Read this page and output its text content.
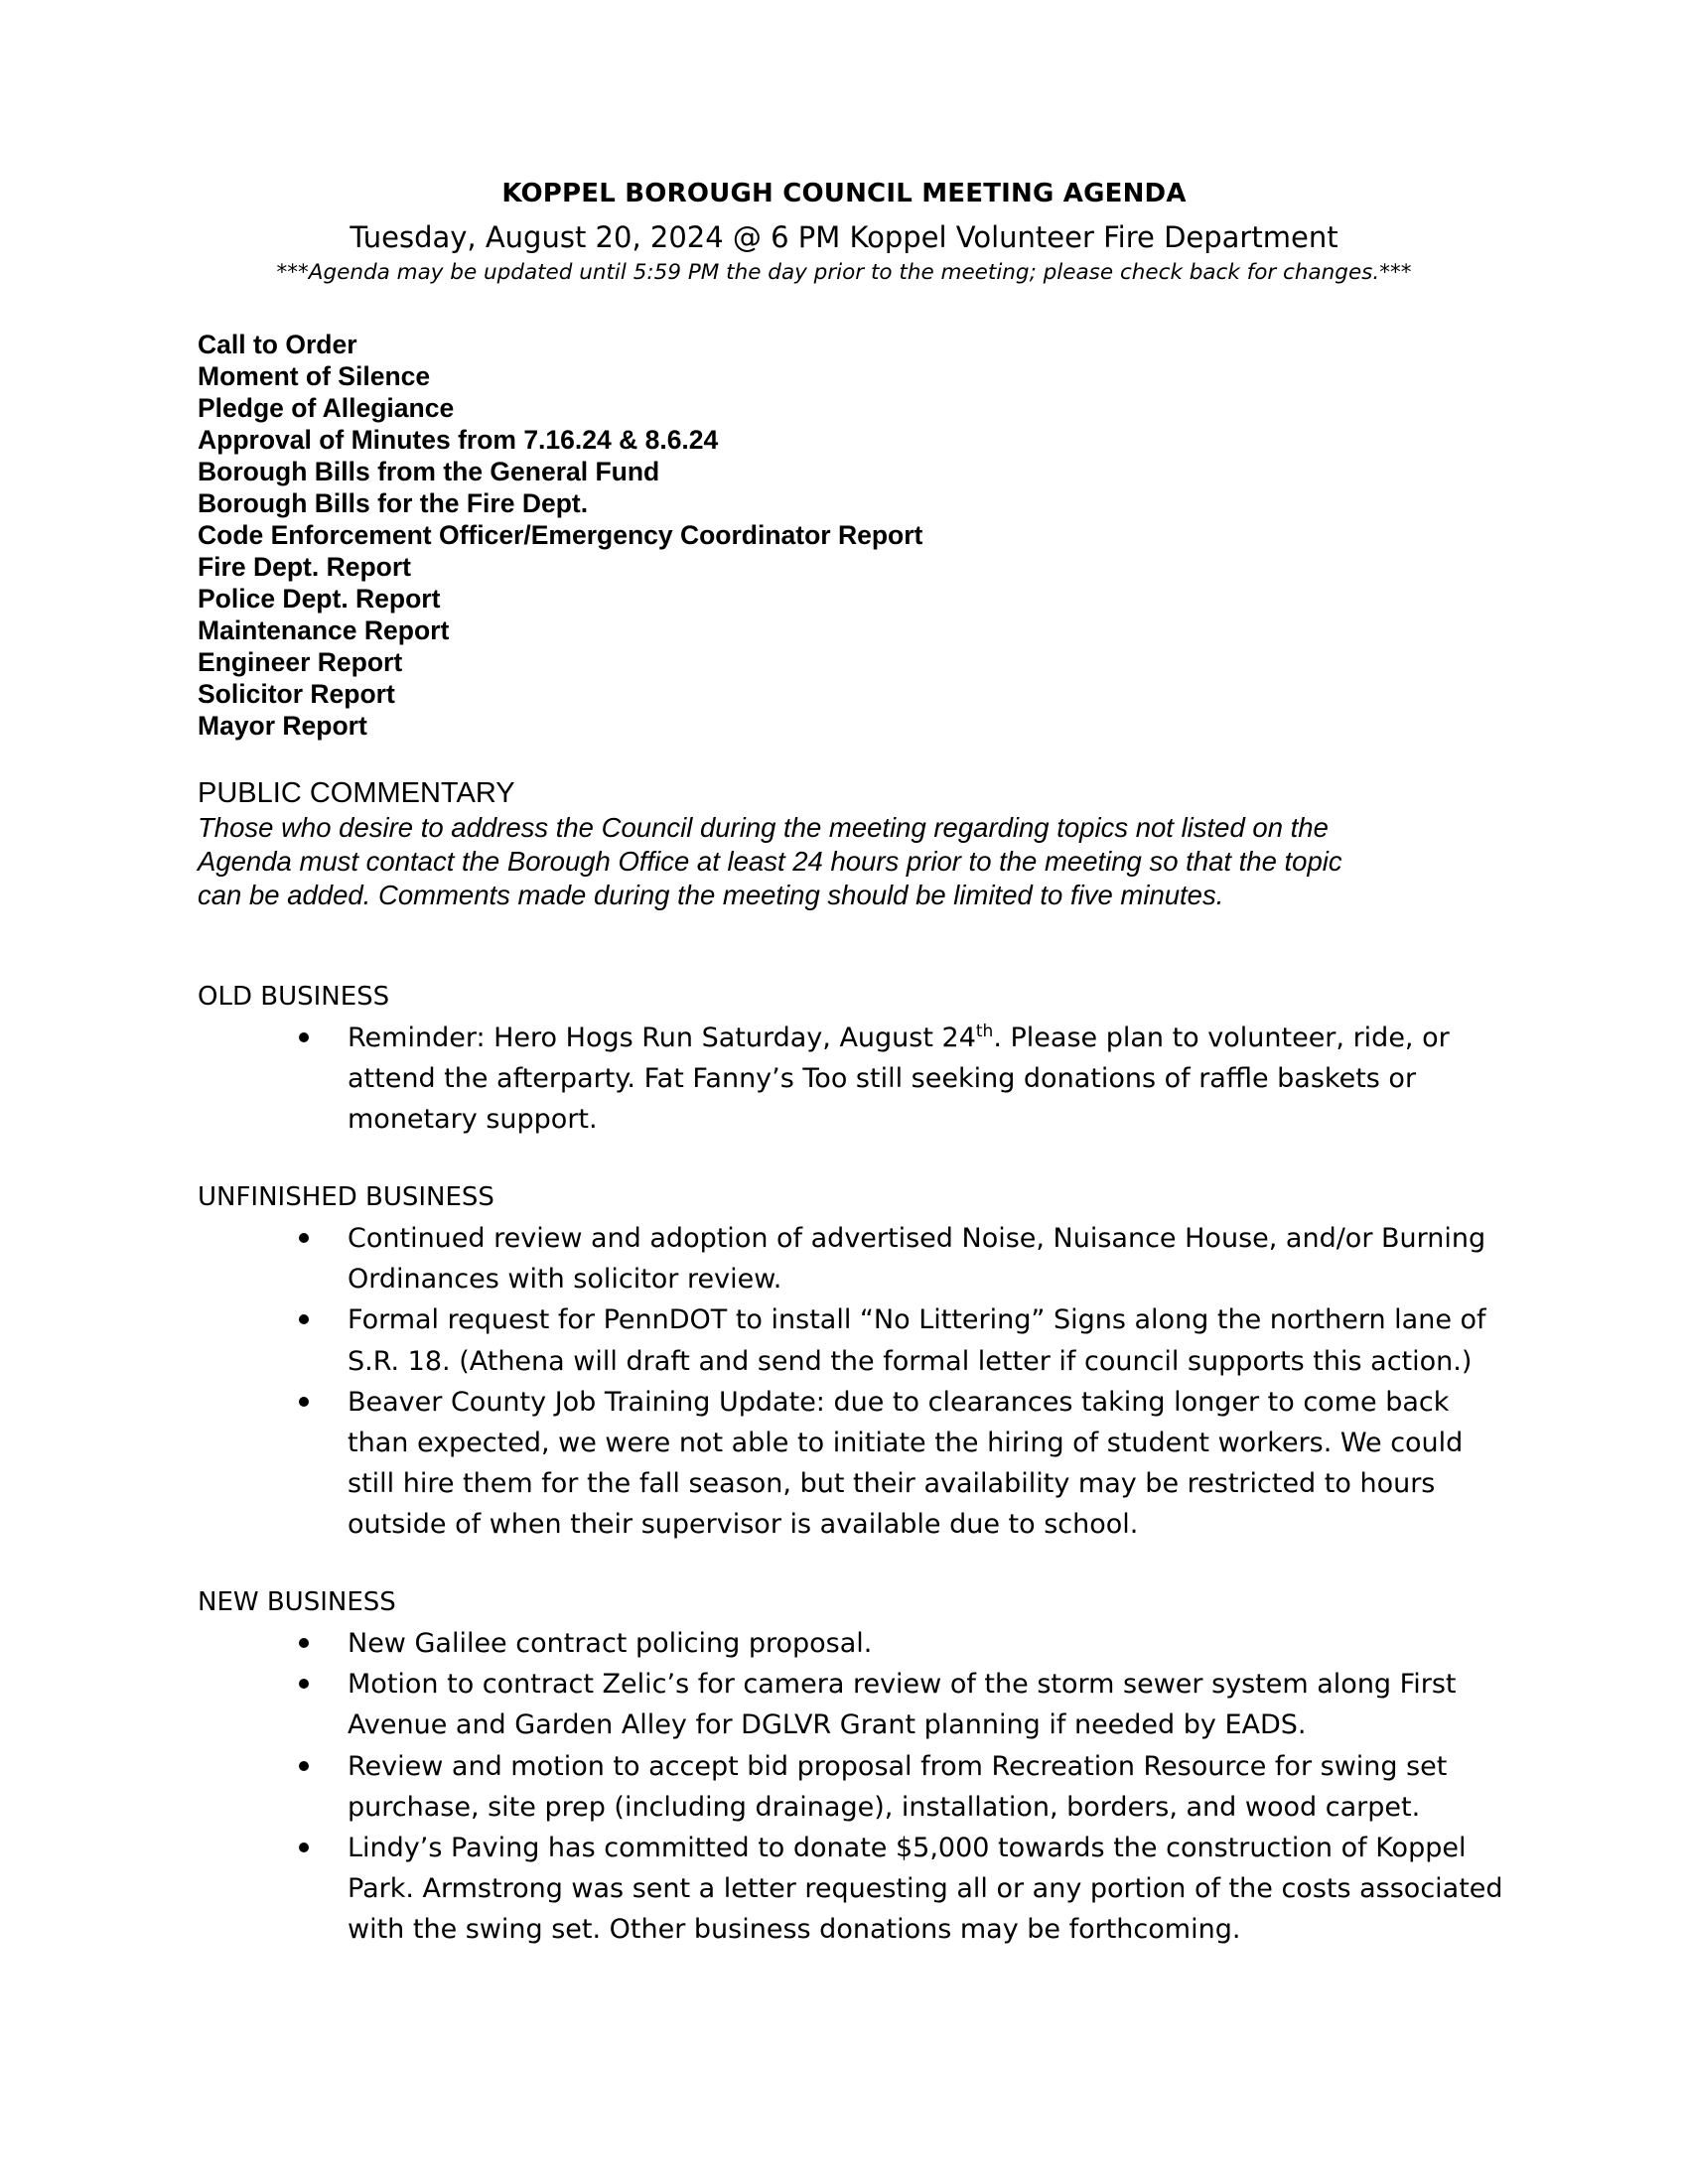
KOPPEL BOROUGH COUNCIL MEETING AGENDA
Tuesday, August 20, 2024 @ 6 PM Koppel Volunteer Fire Department
***Agenda may be updated until 5:59 PM the day prior to the meeting; please check back for changes.***
Call to Order
Moment of Silence
Pledge of Allegiance
Approval of Minutes from 7.16.24 & 8.6.24
Borough Bills from the General Fund
Borough Bills for the Fire Dept.
Code Enforcement Officer/Emergency Coordinator Report
Fire Dept. Report
Police Dept. Report
Maintenance Report
Engineer Report
Solicitor Report
Mayor Report
PUBLIC COMMENTARY
Those who desire to address the Council during the meeting regarding topics not listed on the
Agenda must contact the Borough Office at least 24 hours prior to the meeting so that the topic
can be added. Comments made during the meeting should be limited to five minutes.
OLD BUSINESS
Reminder: Hero Hogs Run Saturday, August 24th. Please plan to volunteer, ride, or attend the afterparty. Fat Fanny’s Too still seeking donations of raffle baskets or monetary support.
UNFINISHED BUSINESS
Continued review and adoption of advertised Noise, Nuisance House, and/or Burning Ordinances with solicitor review.
Formal request for PennDOT to install “No Littering” Signs along the northern lane of S.R. 18. (Athena will draft and send the formal letter if council supports this action.)
Beaver County Job Training Update: due to clearances taking longer to come back than expected, we were not able to initiate the hiring of student workers. We could still hire them for the fall season, but their availability may be restricted to hours outside of when their supervisor is available due to school.
NEW BUSINESS
New Galilee contract policing proposal.
Motion to contract Zelic’s for camera review of the storm sewer system along First Avenue and Garden Alley for DGLVR Grant planning if needed by EADS.
Review and motion to accept bid proposal from Recreation Resource for swing set purchase, site prep (including drainage), installation, borders, and wood carpet.
Lindy’s Paving has committed to donate $5,000 towards the construction of Koppel Park. Armstrong was sent a letter requesting all or any portion of the costs associated with the swing set. Other business donations may be forthcoming.
